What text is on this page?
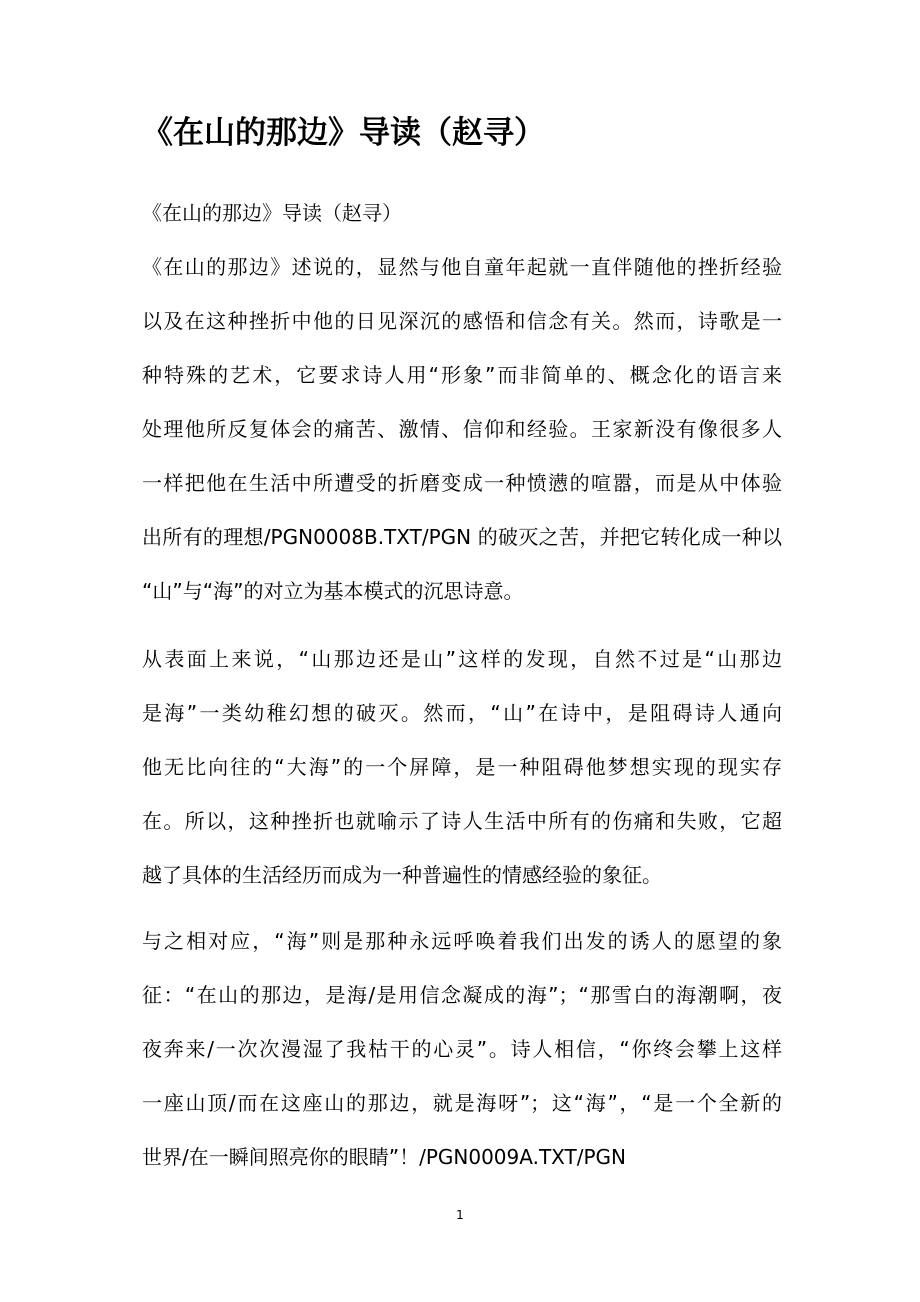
《在山的那边》导读（赵寻）

《在山的那边》导读（赵寻）

《在山的那边》述说的，显然与他自童年起就一直伴随他的挫折经验
以及在这种挫折中他的日见深沉的感悟和信念有关。然而，诗歌是一
种特殊的艺术，它要求诗人用“形象”而非简单的、概念化的语言来
处理他所反复体会的痛苦、激情、信仰和经验。王家新没有像很多人
一样把他在生活中所遭受的折磨变成一种愤懑的喧嚣，而是从中体验
出所有的理想/PGN0008B.TXT/PGN 的破灭之苦，并把它转化成一种以
“山”与“海”的对立为基本模式的沉思诗意。
从表面上来说，“山那边还是山”这样的发现，自然不过是“山那边
是海”一类幼稚幻想的破灭。然而，“山”在诗中，是阻碍诗人通向
他无比向往的“大海”的一个屏障，是一种阻碍他梦想实现的现实存
在。所以，这种挫折也就喻示了诗人生活中所有的伤痛和失败，它超
越了具体的生活经历而成为一种普遍性的情感经验的象征。
与之相对应，“海”则是那种永远呼唤着我们出发的诱人的愿望的象
征：“在山的那边，是海/是用信念凝成的海”；“那雪白的海潮啊，夜
夜奔来/一次次漫湿了我枯干的心灵”。诗人相信，“你终会攀上这样
一座山顶/而在这座山的那边，就是海呀”；这“海”，“是一个全新的
世界/在一瞬间照亮你的眼睛”！/PGN0009A.TXT/PGN
1
